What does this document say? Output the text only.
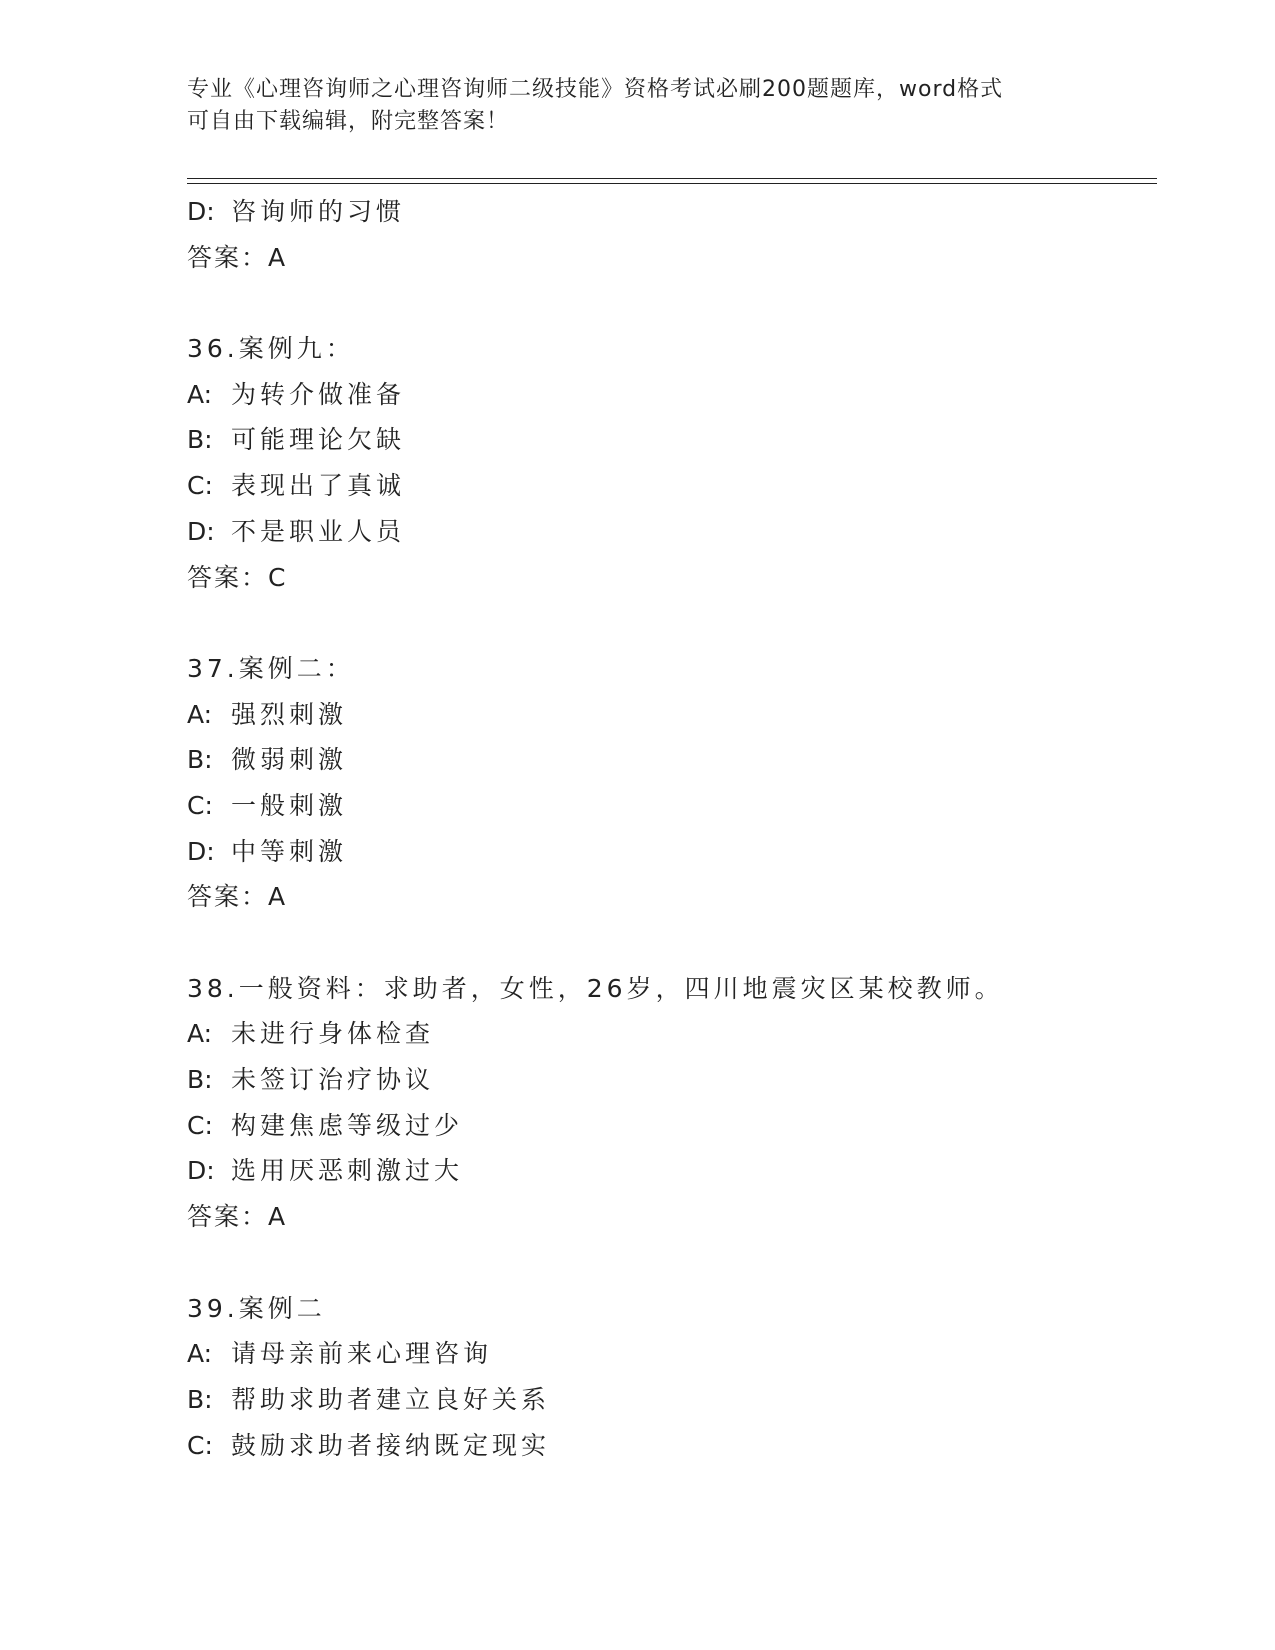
专业《心理咨询师之心理咨询师二级技能》资格考试必刷200题题库，word格式
可自由下载编辑，附完整答案！
D: 咨询师的习惯
答案：A
36.案例九：
A: 为转介做准备
B: 可能理论欠缺
C: 表现出了真诚
D: 不是职业人员
答案：C
37.案例二：
A: 强烈刺激
B: 微弱刺激
C: 一般刺激
D: 中等刺激
答案：A
38.一般资料：求助者，女性，26岁，四川地震灾区某校教师。
A: 未进行身体检查
B: 未签订治疗协议
C: 构建焦虑等级过少
D: 选用厌恶刺激过大
答案：A
39.案例二
A: 请母亲前来心理咨询
B: 帮助求助者建立良好关系
C: 鼓励求助者接纳既定现实
